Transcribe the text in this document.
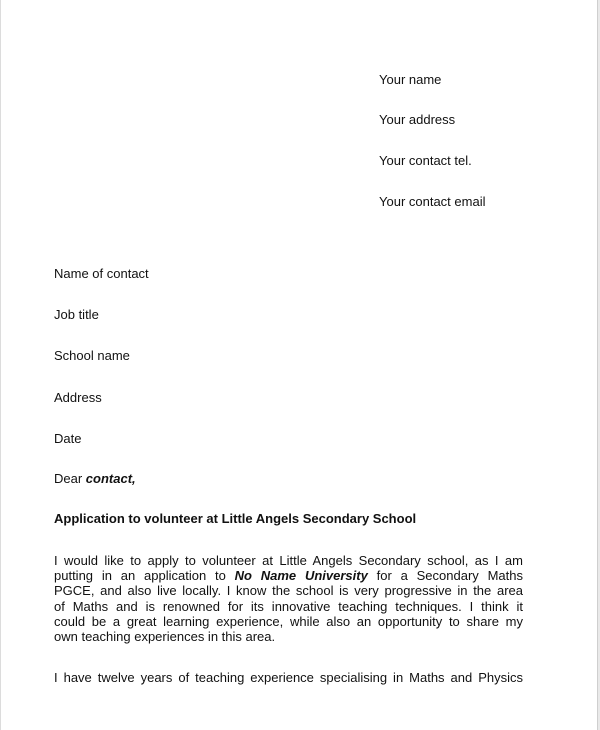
Your name
Your address
Your contact tel.
Your contact email
Name of contact
Job title
School name
Address
Date
Dear contact,
Application to volunteer at Little Angels Secondary School
I would like to apply to volunteer at Little Angels Secondary school, as I am
putting in an application to No Name University for a Secondary Maths
PGCE, and also live locally. I know the school is very progressive in the area
of Maths and is renowned for its innovative teaching techniques. I think it
could be a great learning experience, while also an opportunity to share my
own teaching experiences in this area.
I have twelve years of teaching experience specialising in Maths and Physics
